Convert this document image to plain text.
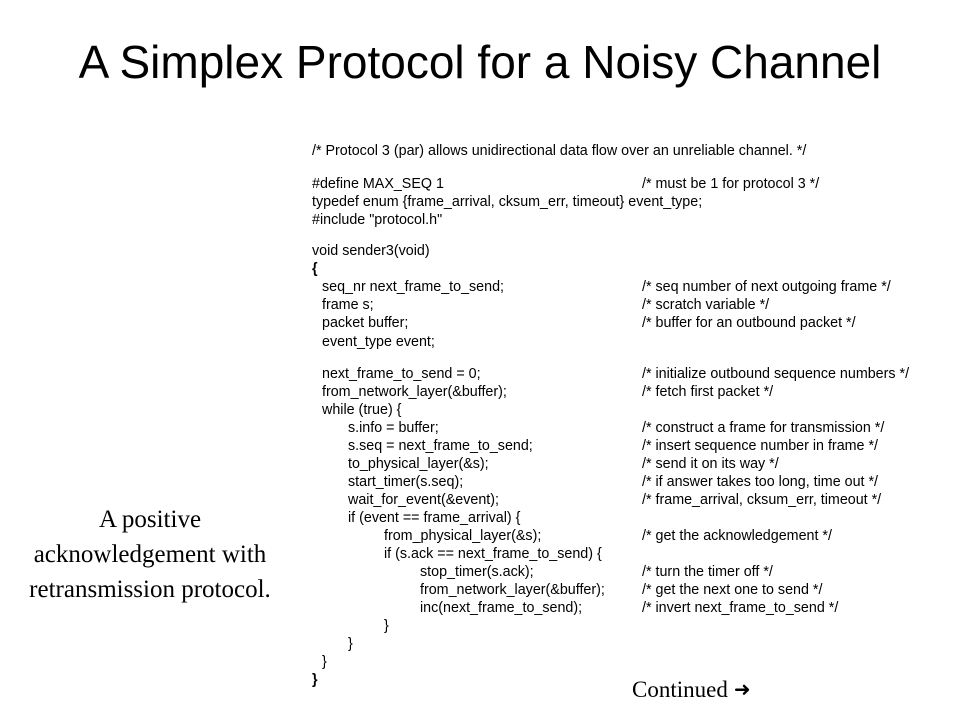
A Simplex Protocol for a Noisy Channel
/* Protocol 3 (par) allows unidirectional data flow over an unreliable channel. */
#define MAX_SEQ 1	/* must be 1 for protocol 3 */
typedef enum {frame_arrival, cksum_err, timeout} event_type;
#include "protocol.h"
void sender3(void)
{
seq_nr next_frame_to_send;	/* seq number of next outgoing frame */
frame s;	/* scratch variable */
packet buffer;	/* buffer for an outbound packet */
event_type event;
next_frame_to_send = 0;	/* initialize outbound sequence numbers */
from_network_layer(&buffer);	/* fetch first packet */
while (true) {
s.info = buffer;	/* construct a frame for transmission */
s.seq = next_frame_to_send;	/* insert sequence number in frame */
to_physical_layer(&s);	/* send it on its way */
start_timer(s.seq);	/* if answer takes too long, time out */
wait_for_event(&event);	/* frame_arrival, cksum_err, timeout */
if (event == frame_arrival) {
from_physical_layer(&s);	/* get the acknowledgement */
if (s.ack == next_frame_to_send) {
stop_timer(s.ack);	/* turn the timer off */
from_network_layer(&buffer);	/* get the next one to send */
inc(next_frame_to_send);	/* invert next_frame_to_send */
}
}
}
}
A positive acknowledgement with retransmission protocol.
Continued ➜
